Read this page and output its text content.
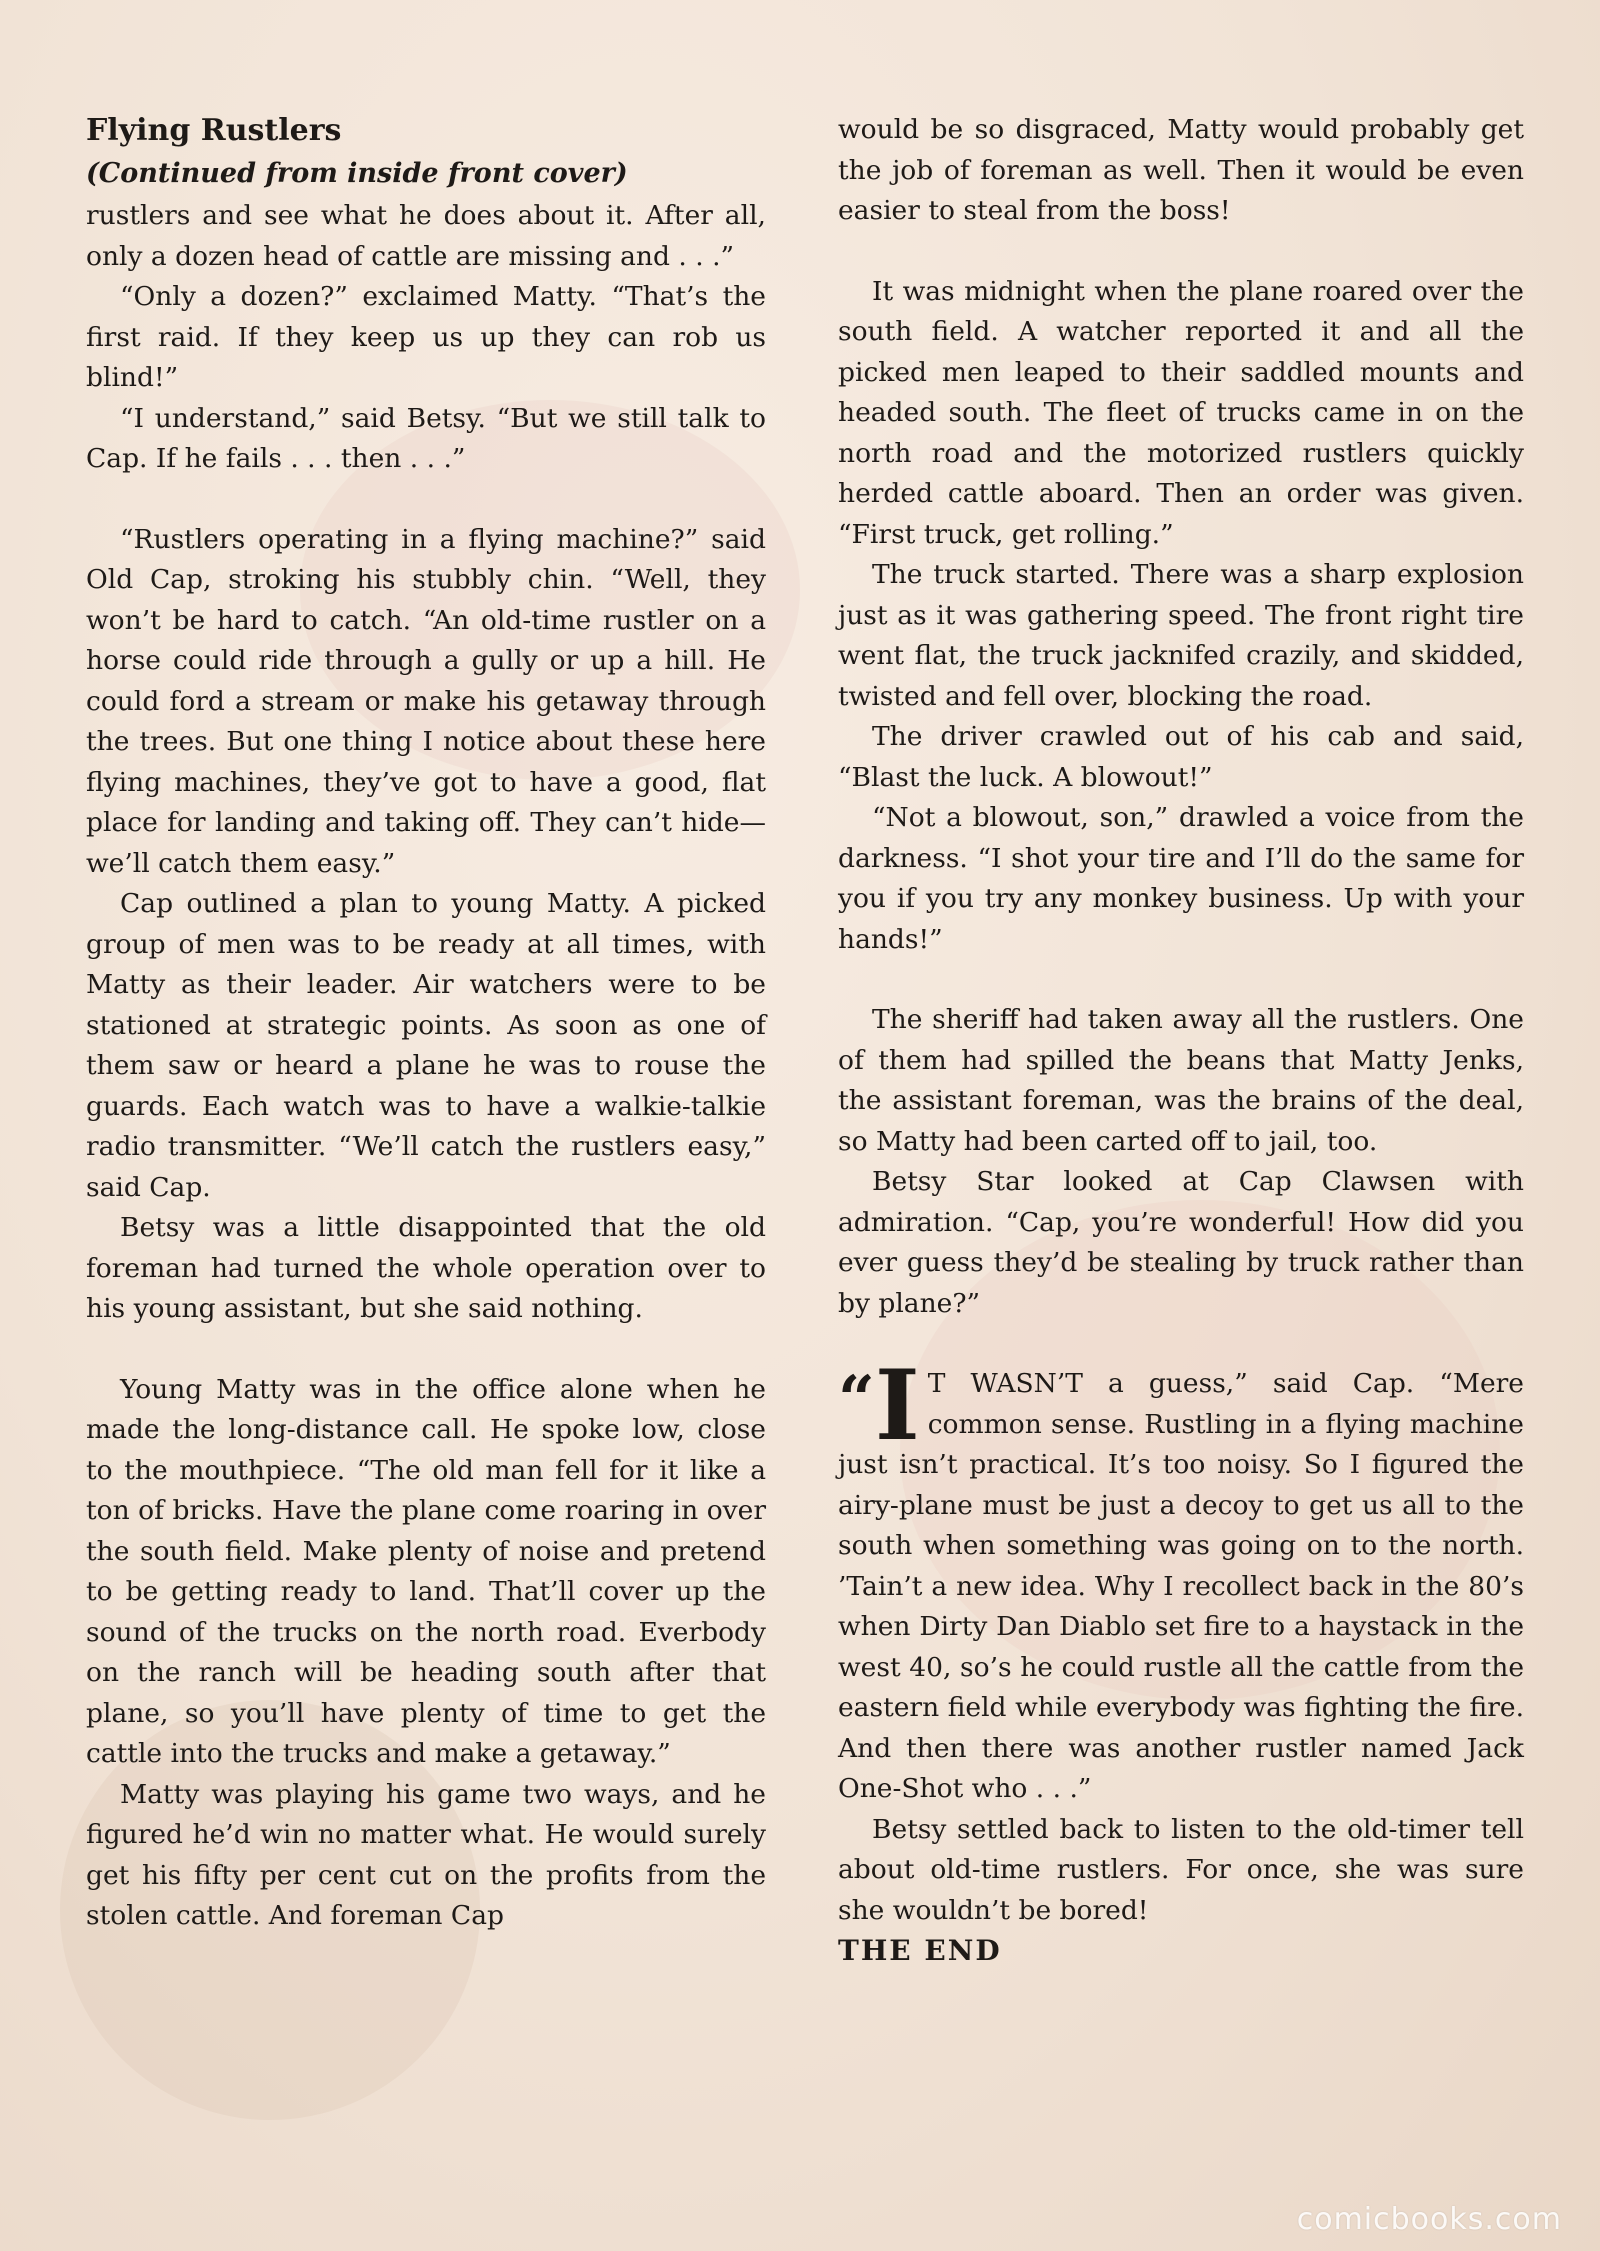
Flying Rustlers

(Continued from inside front cover)

rustlers and see what he does about it. After all, only a dozen head of cattle are missing and . . .”

“Only a dozen?” exclaimed Matty. “That’s the first raid. If they keep us up they can rob us blind!”

“I understand,” said Betsy. “But we still talk to Cap. If he fails . . . then . . .”

“Rustlers operating in a flying machine?” said Old Cap, stroking his stubbly chin. “Well, they won’t be hard to catch. “An old-time rustler on a horse could ride through a gully or up a hill. He could ford a stream or make his getaway through the trees. But one thing I notice about these here flying machines, they’ve got to have a good, flat place for landing and taking off. They can’t hide—we’ll catch them easy.”

Cap outlined a plan to young Matty. A picked group of men was to be ready at all times, with Matty as their leader. Air watchers were to be stationed at strategic points. As soon as one of them saw or heard a plane he was to rouse the guards. Each watch was to have a walkie-talkie radio transmitter. “We’ll catch the rustlers easy,” said Cap.

Betsy was a little disappointed that the old foreman had turned the whole operation over to his young assistant, but she said nothing.

Young Matty was in the office alone when he made the long-distance call. He spoke low, close to the mouthpiece. “The old man fell for it like a ton of bricks. Have the plane come roaring in over the south field. Make plenty of noise and pretend to be getting ready to land. That’ll cover up the sound of the trucks on the north road. Everbody on the ranch will be heading south after that plane, so you’ll have plenty of time to get the cattle into the trucks and make a getaway.”

Matty was playing his game two ways, and he figured he’d win no matter what. He would surely get his fifty per cent cut on the profits from the stolen cattle. And foreman Cap

would be so disgraced, Matty would probably get the job of foreman as well. Then it would be even easier to steal from the boss!

It was midnight when the plane roared over the south field. A watcher reported it and all the picked men leaped to their saddled mounts and headed south. The fleet of trucks came in on the north road and the motorized rustlers quickly herded cattle aboard. Then an order was given. “First truck, get rolling.”

The truck started. There was a sharp explosion just as it was gathering speed. The front right tire went flat, the truck jacknifed crazily, and skidded, twisted and fell over, blocking the road.

The driver crawled out of his cab and said, “Blast the luck. A blowout!”

“Not a blowout, son,” drawled a voice from the darkness. “I shot your tire and I’ll do the same for you if you try any monkey business. Up with your hands!”

The sheriff had taken away all the rustlers. One of them had spilled the beans that Matty Jenks, the assistant foreman, was the brains of the deal, so Matty had been carted off to jail, too.

Betsy Star looked at Cap Clawsen with admiration. “Cap, you’re wonderful! How did you ever guess they’d be stealing by truck rather than by plane?”

“I T WASN’T a guess,” said Cap. “Mere common sense. Rustling in a flying machine just isn’t practical. It’s too noisy. So I figured the airy-plane must be just a decoy to get us all to the south when something was going on to the north. ’Tain’t a new idea. Why I recollect back in the 80’s when Dirty Dan Diablo set fire to a haystack in the west 40, so’s he could rustle all the cattle from the eastern field while everybody was fighting the fire. And then there was another rustler named Jack One-Shot who . . .”

Betsy settled back to listen to the old-timer tell about old-time rustlers. For once, she was sure she wouldn’t be bored!

THE END

comicbooks.com
